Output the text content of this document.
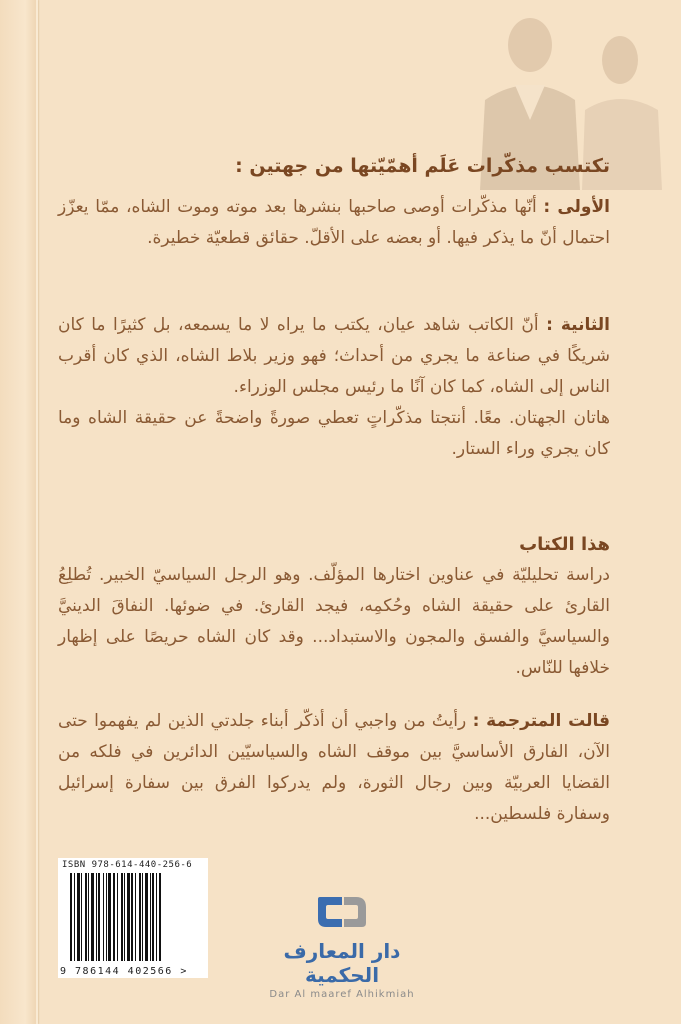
تكتسب مذكّرات عَلَم أهمّيّتها من جهتين :

الأولى : أنّها مذكّرات أوصى صاحبها بنشرها بعد موته وموت الشاه، ممّا يعزّز احتمال أنّ ما يذكر فيها. أو بعضه على الأقلّ. حقائق قطعيّة خطيرة.

الثانية : أنّ الكاتب شاهد عيان، يكتب ما يراه لا ما يسمعه، بل كثيرًا ما كان شريكًا في صناعة ما يجري من أحداث؛ فهو وزير بلاط الشاه، الذي كان أقرب الناس إلى الشاه، كما كان آنًا ما رئيس مجلس الوزراء.

هاتان الجهتان. معًا. أنتجتا مذكّراتٍ تعطي صورةً واضحةً عن حقيقة الشاه وما كان يجري وراء الستار.

هذا الكتاب

دراسة تحليليّة في عناوين اختارها المؤلّف. وهو الرجل السياسيّ الخبير. تُطلِعُ القارئ على حقيقة الشاه وحُكمِه، فيجد القارئ. في ضوئها. النفاقَ الدينيَّ والسياسيَّ والفسق والمجون والاستبداد... وقد كان الشاه حريصًا على إظهار خلافها للنّاس.

قالت المترجمة : رأيتُ من واجبي أن أذكّر أبناء جلدتي الذين لم يفهموا حتى الآن، الفارق الأساسيَّ بين موقف الشاه والسياسيّين الدائرين في فلكه من القضايا العربيّة وبين رجال الثورة، ولم يدركوا الفرق بين سفارة إسرائيل وسفارة فلسطين...

ISBN 978-614-440-256-6
9 786144 402566 >
دار المعارف الحكمية
Dar Al maaref Alhikmiah
